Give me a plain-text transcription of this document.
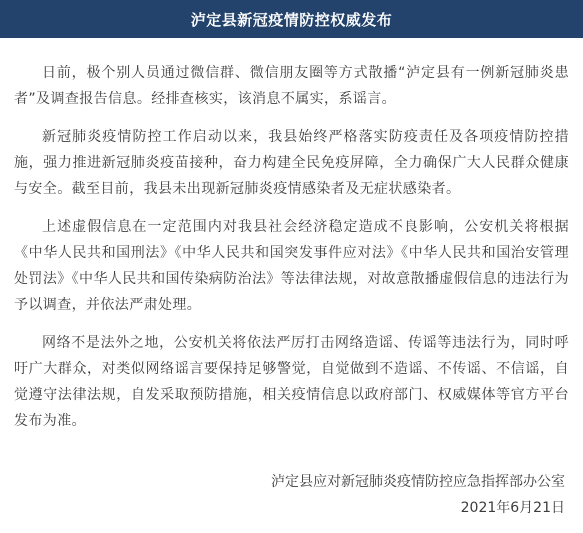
泸定县新冠疫情防控权威发布

日前，极个别人员通过微信群、微信朋友圈等方式散播“泸定县有一例新冠肺炎患者”及调查报告信息。经排查核实，该消息不属实，系谣言。

新冠肺炎疫情防控工作启动以来，我县始终严格落实防疫责任及各项疫情防控措施，强力推进新冠肺炎疫苗接种，奋力构建全民免疫屏障，全力确保广大人民群众健康与安全。截至目前，我县未出现新冠肺炎疫情感染者及无症状感染者。

上述虚假信息在一定范围内对我县社会经济稳定造成不良影响，公安机关将根据《中华人民共和国刑法》《中华人民共和国突发事件应对法》《中华人民共和国治安管理处罚法》《中华人民共和国传染病防治法》等法律法规，对故意散播虚假信息的违法行为予以调查，并依法严肃处理。

网络不是法外之地，公安机关将依法严厉打击网络造谣、传谣等违法行为，同时呼吁广大群众，对类似网络谣言要保持足够警觉，自觉做到不造谣、不传谣、不信谣，自觉遵守法律法规，自发采取预防措施，相关疫情信息以政府部门、权威媒体等官方平台发布为准。

泸定县应对新冠肺炎疫情防控应急指挥部办公室
2021年6月21日
